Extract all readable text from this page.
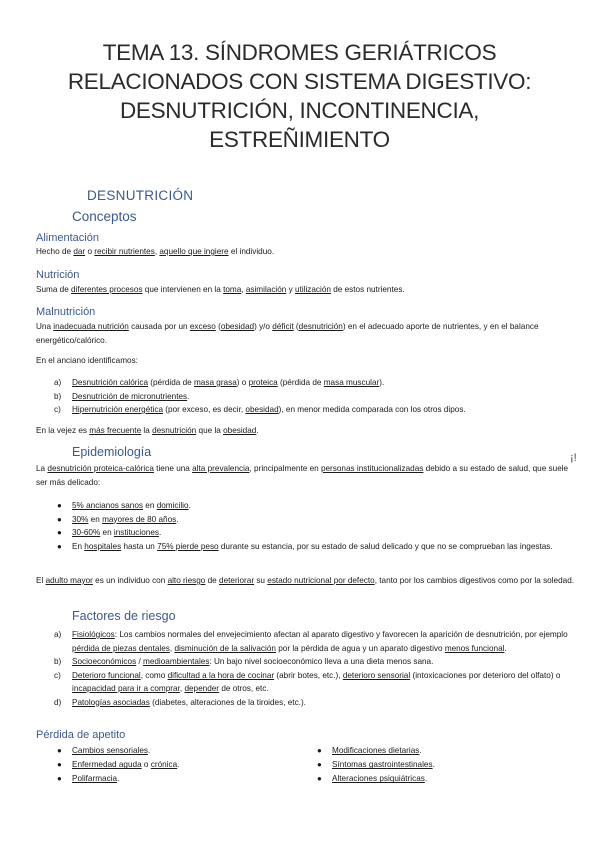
TEMA 13. SÍNDROMES GERIÁTRICOS
RELACIONADOS CON SISTEMA DIGESTIVO:
DESNUTRICIÓN, INCONTINENCIA,
ESTREÑIMIENTO
DESNUTRICIÓN
Conceptos
Alimentación
Hecho de dar o recibir nutrientes, aquello que ingiere el individuo.
Nutrición
Suma de diferentes procesos que intervienen en la toma, asimilación y utilización de estos nutrientes.
Malnutrición
Una inadecuada nutrición causada por un exceso (obesidad) y/o déficit (desnutrición) en el adecuado aporte de nutrientes, y en el balance energético/calórico.
En el anciano identificamos:
a) Desnutrición calórica (pérdida de masa grasa) o proteica (pérdida de masa muscular).
b) Desnutrición de micronutrientes.
c) Hipernutrición energética (por exceso, es decir, obesidad), en menor medida comparada con los otros dipos.
En la vejez es más frecuente la desnutrición que la obesidad.
Epidemiología	¡!
La desnutrición proteica-calórica tiene una alta prevalencia, principalmente en personas institucionalizadas debido a su estado de salud, que suele ser más delicado:
● 5% ancianos sanos en domicilio.
● 30% en mayores de 80 años.
● 30-60% en instituciones.
● En hospitales hasta un 75% pierde peso durante su estancia, por su estado de salud delicado y que no se comprueban las ingestas.
El adulto mayor es un individuo con alto riesgo de deteriorar su estado nutricional por defecto, tanto por los cambios digestivos como por la soledad.
Factores de riesgo
a) Fisiológicos: Los cambios normales del envejecimiento afectan al aparato digestivo y favorecen la aparición de desnutrición, por ejemplo pérdida de piezas dentales, disminución de la salivación por la pérdida de agua y un aparato digestivo menos funcional.
b) Socioeconómicos / medioambientales: Un bajo nivel socioeconómico lleva a una dieta menos sana.
c) Deterioro funcional, como dificultad a la hora de cocinar (abrir botes, etc.), deterioro sensorial (intoxicaciones por deterioro del olfato) o incapacidad para ir a comprar, depender de otros, etc.
d) Patologías asociadas (diabetes, alteraciones de la tiroides, etc.).
Pérdida de apetito
● Cambios sensoriales.
● Enfermedad aguda o crónica.
● Polifarmacia.
● Modificaciones dietarias.
● Síntomas gastrointestinales.
● Alteraciones psiquiátricas.
